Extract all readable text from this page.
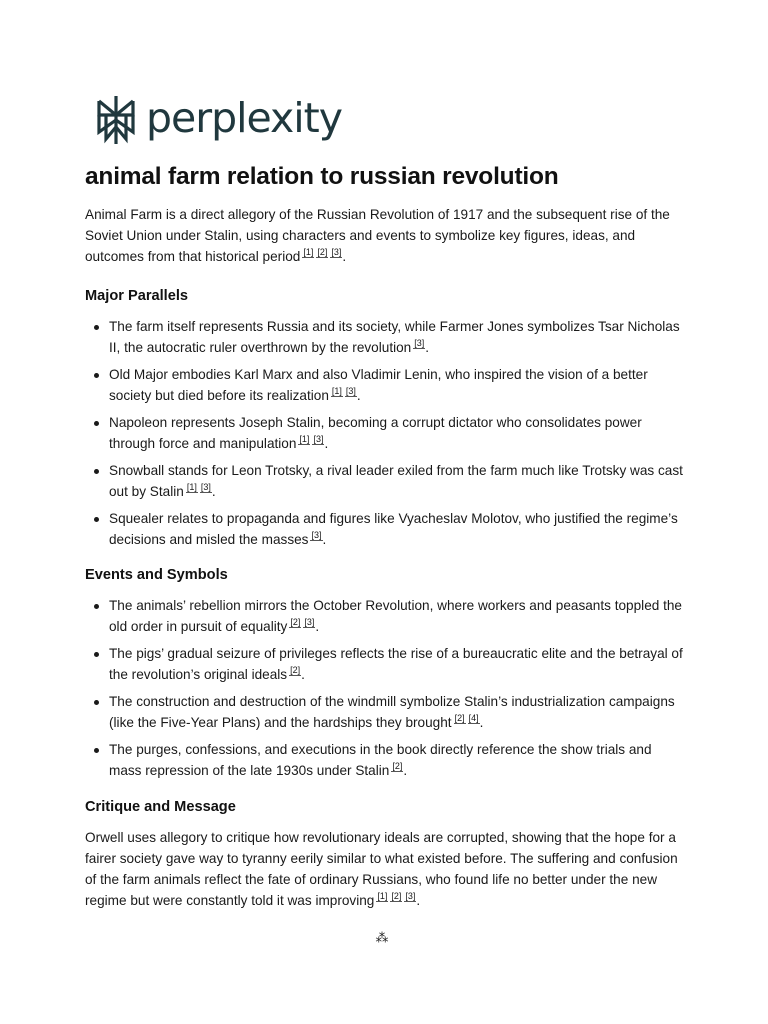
perplexity
animal farm relation to russian revolution

Animal Farm is a direct allegory of the Russian Revolution of 1917 and the subsequent rise of the Soviet Union under Stalin, using characters and events to symbolize key figures, ideas, and outcomes from that historical period [1] [2] [3].

Major Parallels
The farm itself represents Russia and its society, while Farmer Jones symbolizes Tsar Nicholas II, the autocratic ruler overthrown by the revolution [3].
Old Major embodies Karl Marx and also Vladimir Lenin, who inspired the vision of a better society but died before its realization [1] [3].
Napoleon represents Joseph Stalin, becoming a corrupt dictator who consolidates power through force and manipulation [1] [3].
Snowball stands for Leon Trotsky, a rival leader exiled from the farm much like Trotsky was cast out by Stalin [1] [3].
Squealer relates to propaganda and figures like Vyacheslav Molotov, who justified the regime’s decisions and misled the masses [3].
Events and Symbols
The animals’ rebellion mirrors the October Revolution, where workers and peasants toppled the old order in pursuit of equality [2] [3].
The pigs’ gradual seizure of privileges reflects the rise of a bureaucratic elite and the betrayal of the revolution’s original ideals [2].
The construction and destruction of the windmill symbolize Stalin’s industrialization campaigns (like the Five-Year Plans) and the hardships they brought [2] [4].
The purges, confessions, and executions in the book directly reference the show trials and mass repression of the late 1930s under Stalin [2].
Critique and Message

Orwell uses allegory to critique how revolutionary ideals are corrupted, showing that the hope for a fairer society gave way to tyranny eerily similar to what existed before. The suffering and confusion of the farm animals reflect the fate of ordinary Russians, who found life no better under the new regime but were constantly told it was improving [1] [2] [3].

⁂
